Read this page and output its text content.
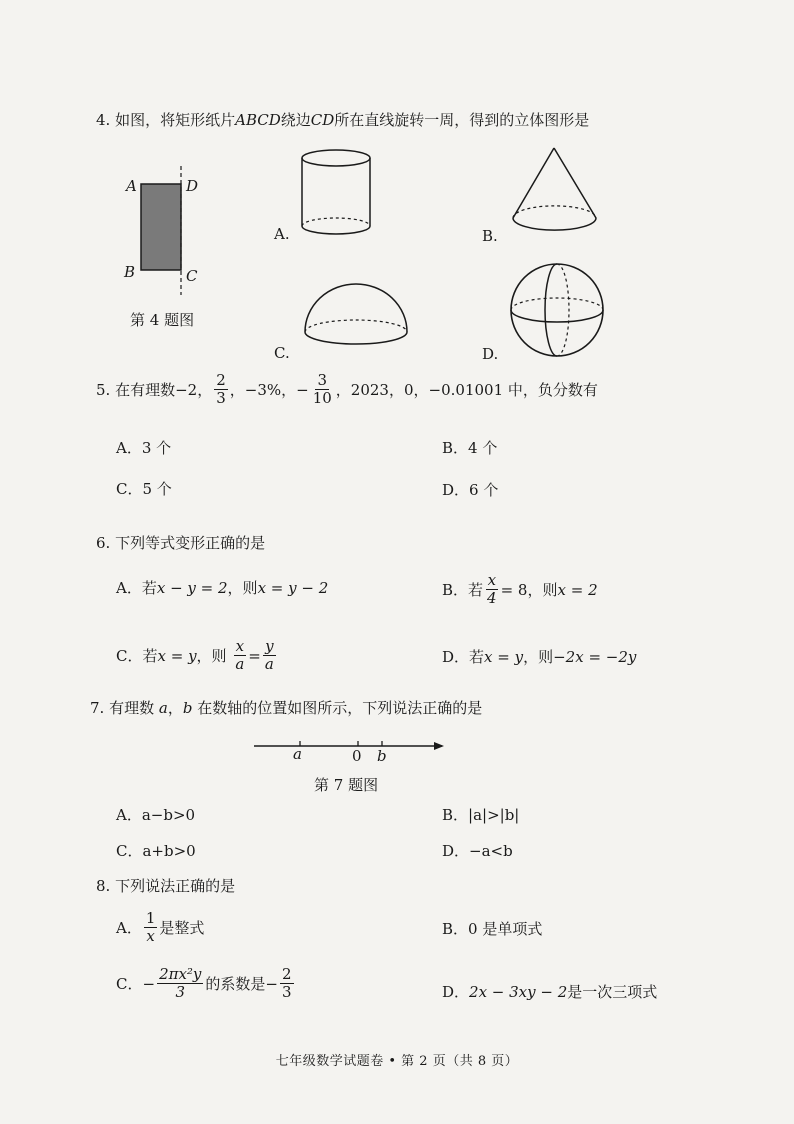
4. 如图，将矩形纸片ABCD绕边CD所在直线旋转一周，得到的立体图形是
A	D
B	C
第 4 题图
A.	B.
C.	D.
5.
在有理数−2， $\frac{2}{3}$ ，−3%，− $\frac{3}{10}$ ，2023，0，−0.01001 中，负分数有
A．3 个	B．4 个
C．5 个	D．6 个
6. 下列等式变形正确的是
A． 若 x − y = 2 ，则 x = y − 2	B． 若 $\frac{x}{4} = 8$ ，则 x = 2
C． 若 x = y ，则
$\frac{x}{a} = \frac{y}{a}$	D． 若 x = y ，则 −2x = −2y
7. 有理数 a，b 在数轴的位置如图所示，下列说法正确的是
a	0 b
第 7 题图
A．a−b>0	B．|a|>|b|
C．a+b>0	D．−a<b
8. 下列说法正确的是
A． $\frac{1}{x}$ 是整式	B．0 是单项式
C． − $\frac{\text{2πx²y}}{3}$ 的系数是− $\frac{2}{3}$	D． 2x − 3xy − 2 是一次三项式
七年级数学试题卷 • 第 2 页（共 8 页）
